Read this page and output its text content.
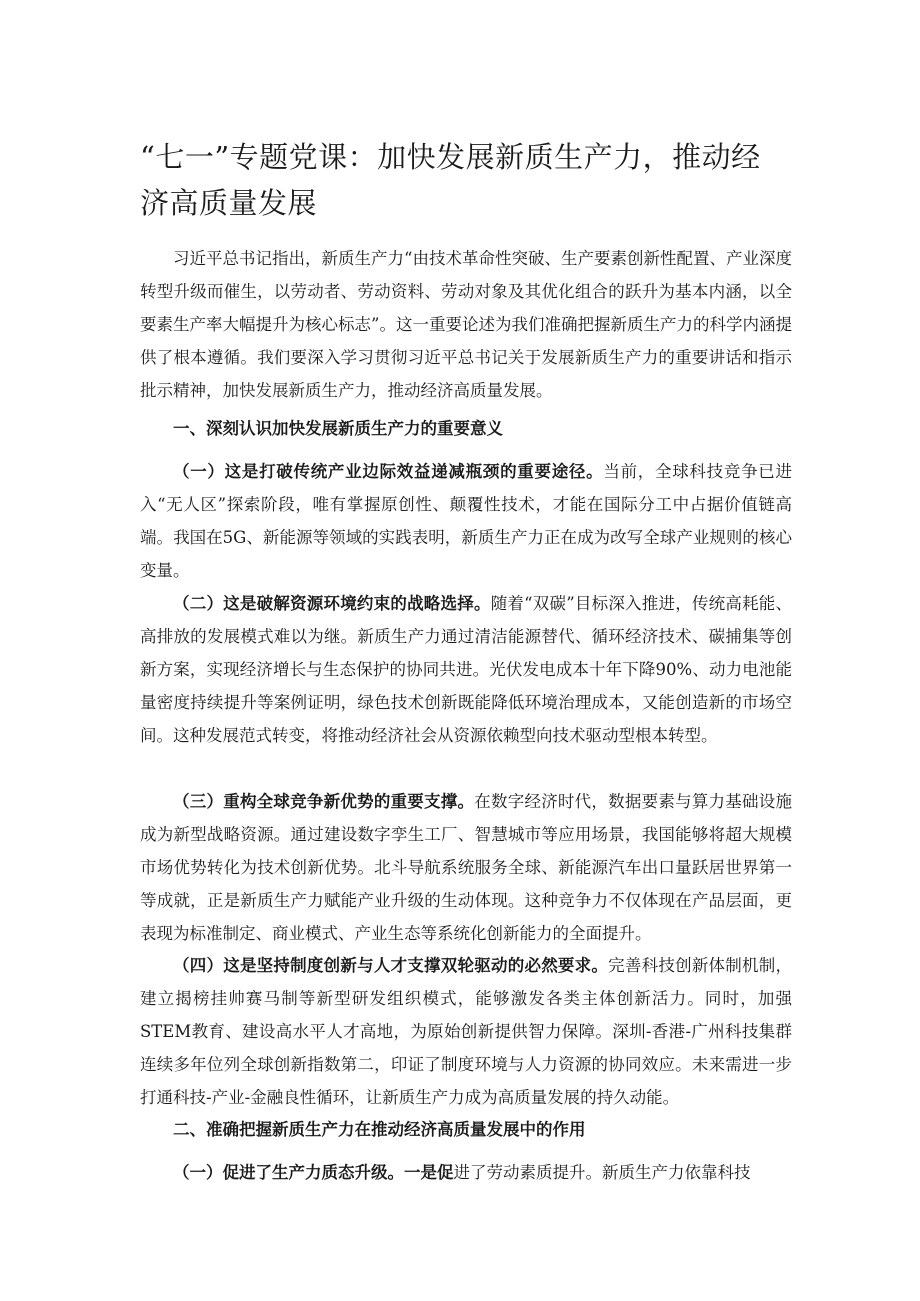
“七一”专题党课：加快发展新质生产力，推动经济高质量发展

习近平总书记指出，新质生产力“由技术革命性突破、生产要素创新性配置、产业深度转型升级而催生，以劳动者、劳动资料、劳动对象及其优化组合的跃升为基本内涵，以全要素生产率大幅提升为核心标志”。这一重要论述为我们准确把握新质生产力的科学内涵提供了根本遵循。我们要深入学习贯彻习近平总书记关于发展新质生产力的重要讲话和指示批示精神，加快发展新质生产力，推动经济高质量发展。

一、深刻认识加快发展新质生产力的重要意义

（一）这是打破传统产业边际效益递减瓶颈的重要途径。当前，全球科技竞争已进入“无人区”探索阶段，唯有掌握原创性、颠覆性技术，才能在国际分工中占据价值链高端。我国在5G、新能源等领域的实践表明，新质生产力正在成为改写全球产业规则的核心变量。

（二）这是破解资源环境约束的战略选择。随着“双碳”目标深入推进，传统高耗能、高排放的发展模式难以为继。新质生产力通过清洁能源替代、循环经济技术、碳捕集等创新方案，实现经济增长与生态保护的协同共进。光伏发电成本十年下降90%、动力电池能量密度持续提升等案例证明，绿色技术创新既能降低环境治理成本，又能创造新的市场空间。这种发展范式转变，将推动经济社会从资源依赖型向技术驱动型根本转型。

（三）重构全球竞争新优势的重要支撑。在数字经济时代，数据要素与算力基础设施成为新型战略资源。通过建设数字孪生工厂、智慧城市等应用场景，我国能够将超大规模市场优势转化为技术创新优势。北斗导航系统服务全球、新能源汽车出口量跃居世界第一等成就，正是新质生产力赋能产业升级的生动体现。这种竞争力不仅体现在产品层面，更表现为标准制定、商业模式、产业生态等系统化创新能力的全面提升。

（四）这是坚持制度创新与人才支撑双轮驱动的必然要求。完善科技创新体制机制，建立揭榜挂帅赛马制等新型研发组织模式，能够激发各类主体创新活力。同时，加强STEM教育、建设高水平人才高地，为原始创新提供智力保障。深圳-香港-广州科技集群连续多年位列全球创新指数第二，印证了制度环境与人力资源的协同效应。未来需进一步打通科技-产业-金融良性循环，让新质生产力成为高质量发展的持久动能。

二、准确把握新质生产力在推动经济高质量发展中的作用

（一）促进了生产力质态升级。一是促进了劳动素质提升。新质生产力依靠科技
